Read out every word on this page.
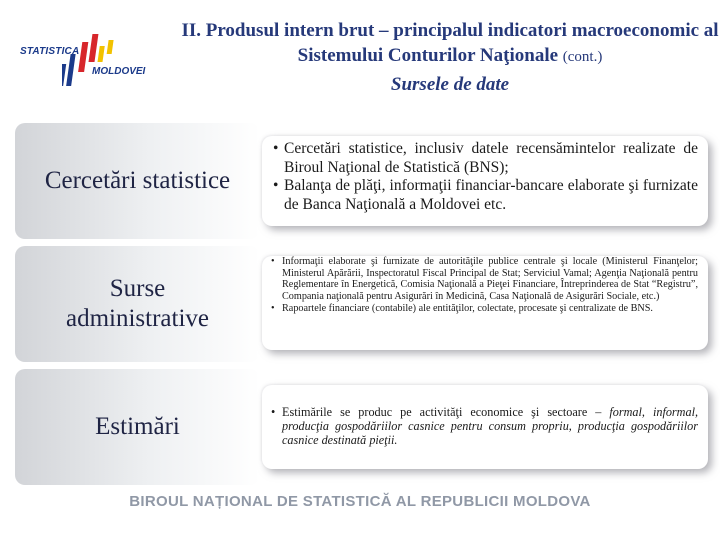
STATISTICA
MOLDOVEI
II. Produsul intern brut – principalul indicatori macroeconomic al Sistemului Conturilor Naţionale (cont.)
Sursele de date
Cercetări statistice
• Cercetări statistice, inclusiv datele recensămintelor realizate de Biroul Naţional de Statistică (BNS);
• Balanţa de plăţi, informaţii financiar-bancare elaborate şi furnizate de Banca Naţională a Moldovei etc.
Surse administrative
• Informaţii elaborate şi furnizate de autorităţile publice centrale şi locale (Ministerul Finanţelor; Ministerul Apărării, Inspectoratul Fiscal Principal de Stat; Serviciul Vamal; Agenţia Naţională pentru Reglementare în Energetică, Comisia Naţională a Pieţei Financiare, Întreprinderea de Stat “Registru”, Compania naţională pentru Asigurări în Medicină, Casa Naţională de Asigurări Sociale, etc.)
• Rapoartele financiare (contabile) ale entităţilor, colectate, procesate şi centralizate de BNS.
Estimări
• Estimările se produc pe activităţi economice şi sectoare – formal, informal, producţia gospodăriilor casnice pentru consum propriu, producţia gospodăriilor casnice destinată pieţii.
BIROUL NAȚIONAL DE STATISTICĂ AL REPUBLICII MOLDOVA
